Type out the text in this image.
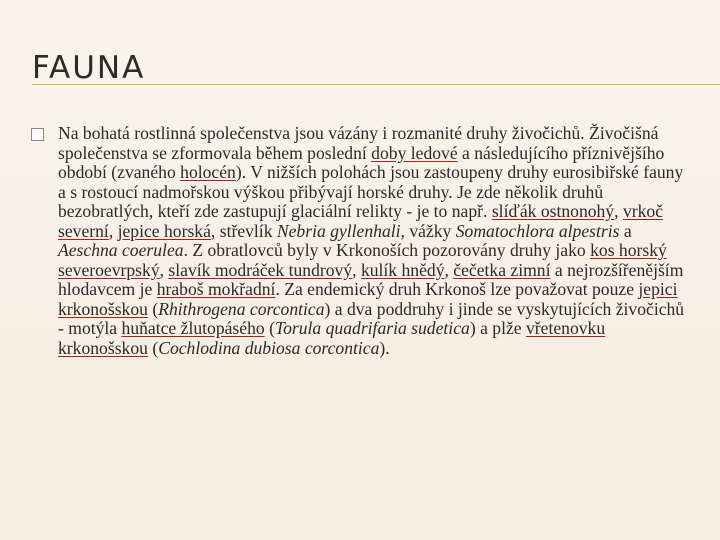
FAUNA

Na bohatá rostlinná společenstva jsou vázány i rozmanité druhy živočichů. Živočišná společenstva se zformovala během poslední doby ledové a následujícího příznivějšího období (zvaného holocén). V nižších polohách jsou zastoupeny druhy eurosibiřské fauny a s rostoucí nadmořskou výškou přibývají horské druhy. Je zde několik druhů bezobratlých, kteří zde zastupují glaciální relikty - je to např. slíďák ostnonohý, vrkoč severní, jepice horská, střevlík Nebria gyllenhali, vážky Somatochlora alpestris a Aeschna coerulea. Z obratlovců byly v Krkonoších pozorovány druhy jako kos horský severoevrpský, slavík modráček tundrový, kulík hnědý, čečetka zimní a nejrozšířenějším hlodavcem je hraboš mokřadní. Za endemický druh Krkonoš lze považovat pouze jepici krkonošskou (Rhithrogena corcontica) a dva poddruhy i jinde se vyskytujících živočichů - motýla huňatce žlutopásého (Torula quadrifaria sudetica) a plže vřetenovku krkonošskou (Cochlodina dubiosa corcontica).
